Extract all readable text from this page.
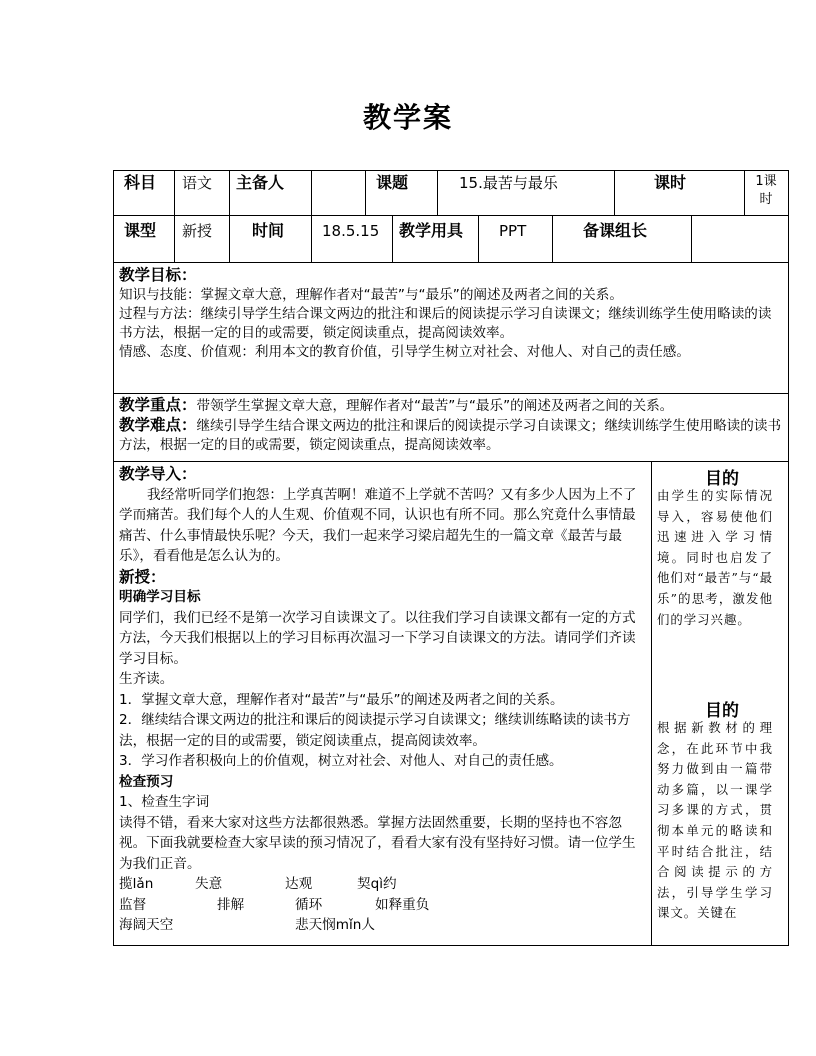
教学案
科目 语文 主备人	课题	15.最苦与最乐	课时	1课时
课型 新授 时间	18.5.15 教学用具 PPT	备课组长

教学目标：

知识与技能：掌握文章大意，理解作者对“最苦”与“最乐”的阐述及两者之间的关系。

过程与方法：继续引导学生结合课文两边的批注和课后的阅读提示学习自读课文；继续训练学生使用略读的读书方法，根据一定的目的或需要，锁定阅读重点，提高阅读效率。

情感、态度、价值观：利用本文的教育价值，引导学生树立对社会、对他人、对自己的责任感。

教学重点：带领学生掌握文章大意，理解作者对“最苦”与“最乐”的阐述及两者之间的关系。

教学难点：继续引导学生结合课文两边的批注和课后的阅读提示学习自读课文；继续训练学生使用略读的读书方法，根据一定的目的或需要，锁定阅读重点，提高阅读效率。

教学导入：

我经常听同学们抱怨：上学真苦啊！难道不上学就不苦吗？又有多少人因为上不了学而痛苦。我们每个人的人生观、价值观不同，认识也有所不同。那么究竟什么事情最痛苦、什么事情最快乐呢？今天，我们一起来学习梁启超先生的一篇文章《最苦与最乐》，看看他是怎么认为的。

新授：

明确学习目标

同学们，我们已经不是第一次学习自读课文了。以往我们学习自读课文都有一定的方式方法，今天我们根据以上的学习目标再次温习一下学习自读课文的方法。请同学们齐读学习目标。

生齐读。

1．掌握文章大意，理解作者对“最苦”与“最乐”的阐述及两者之间的关系。

2．继续结合课文两边的批注和课后的阅读提示学习自读课文；继续训练略读的读书方法，根据一定的目的或需要，锁定阅读重点，提高阅读效率。

3．学习作者积极向上的价值观，树立对社会、对他人、对自己的责任感。

检查预习

1、检查生字词

读得不错，看来大家对这些方法都很熟悉。掌握方法固然重要，长期的坚持也不容忽视。下面我就要检查大家早读的预习情况了，看看大家有没有坚持好习惯。请一位学生为我们正音。

揽lǎn	失意	达观	契qì约
监督	排解	循环	如释重负
海阔天空	悲天悯mǐn人
目的
由学生的实际情况导入，容易使他们迅速进入学习情境。同时也启发了他们对“最苦”与“最乐”的思考，激发他们的学习兴趣。
目的
根据新教材的理念，在此环节中我努力做到由一篇带动多篇，以一课学习多课的方式，贯彻本单元的略读和平时结合批注，结合阅读提示的方法，引导学生学习课文。关键在
